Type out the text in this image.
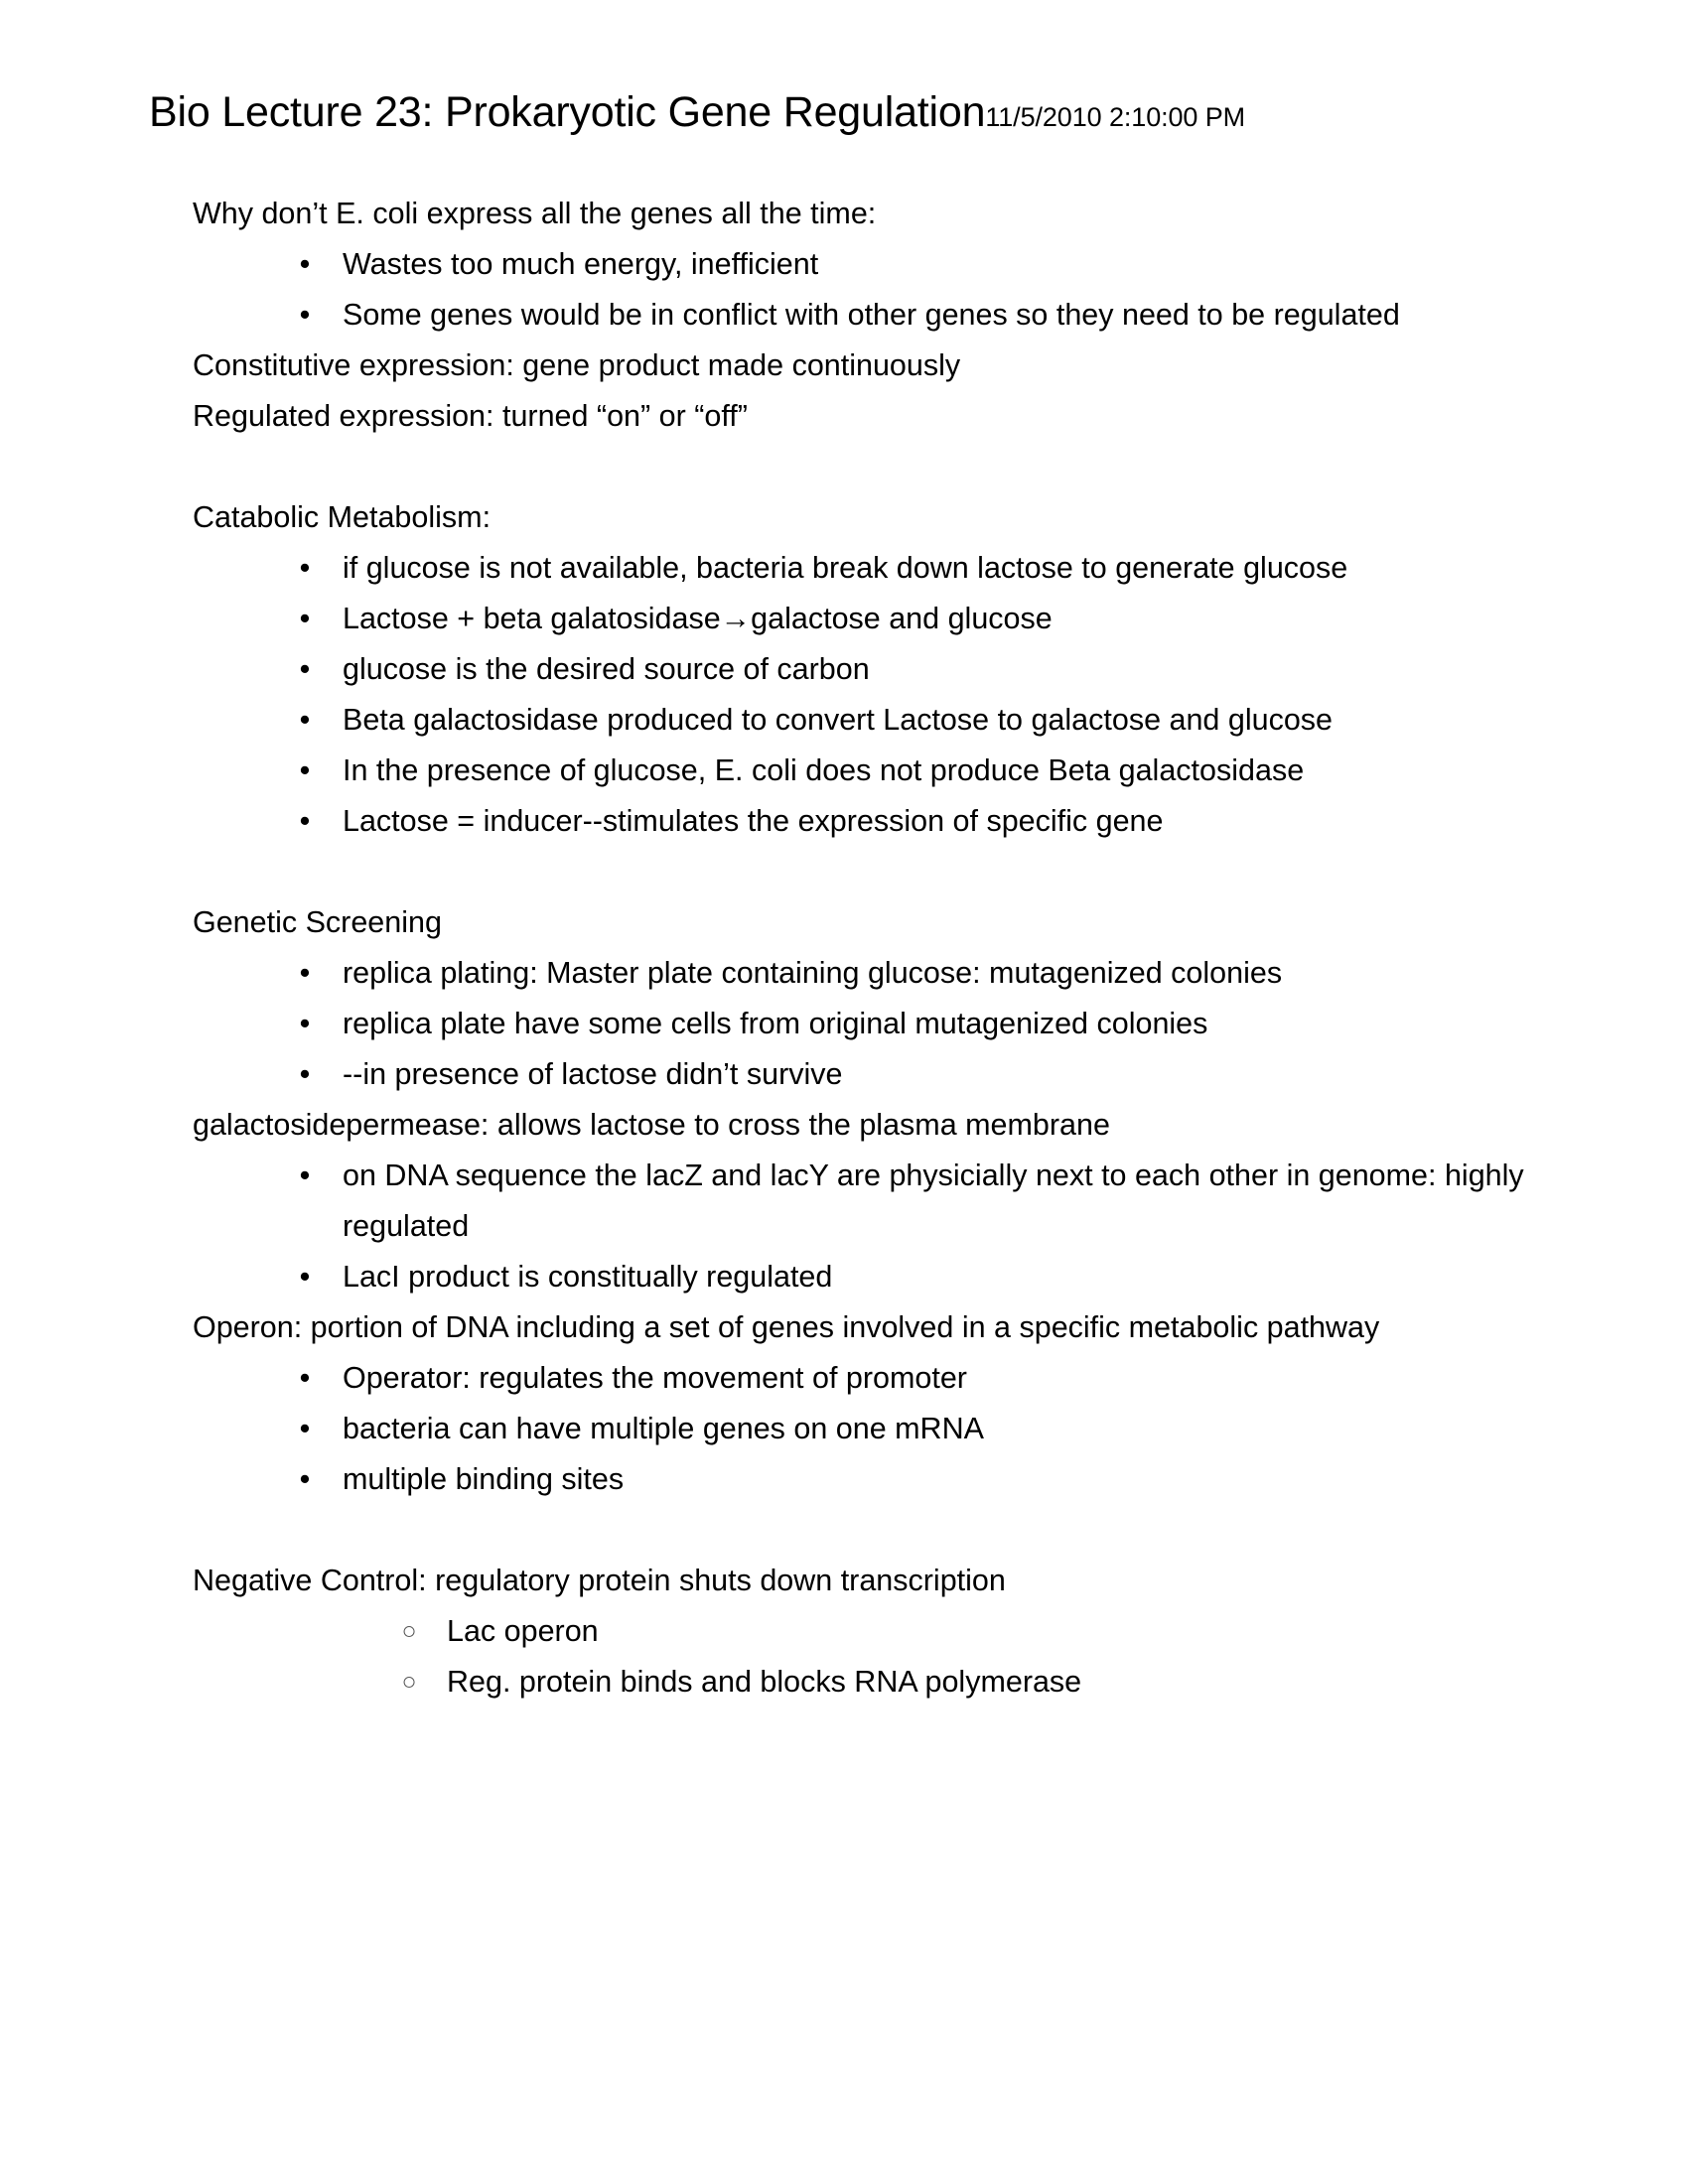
Bio Lecture 23: Prokaryotic Gene Regulation 11/5/2010 2:10:00 PM
Why don’t E. coli express all the genes all the time:
• Wastes too much energy, inefficient
• Some genes would be in conflict with other genes so they need to be regulated
Constitutive expression: gene product made continuously
Regulated expression: turned “on” or “off”
Catabolic Metabolism:
• if glucose is not available, bacteria break down lactose to generate glucose
• Lactose + beta galatosidase→galactose and glucose
• glucose is the desired source of carbon
• Beta galactosidase produced to convert Lactose to galactose and glucose
• In the presence of glucose, E. coli does not produce Beta galactosidase
• Lactose = inducer--stimulates the expression of specific gene
Genetic Screening
• replica plating: Master plate containing glucose: mutagenized colonies
• replica plate have some cells from original mutagenized colonies
• --in presence of lactose didn’t survive
galactosidepermease: allows lactose to cross the plasma membrane
• on DNA sequence the lacZ and lacY are physicially next to each other in genome: highly regulated
• LacI product is constitually regulated
Operon: portion of DNA including a set of genes involved in a specific metabolic pathway
• Operator: regulates the movement of promoter
• bacteria can have multiple genes on one mRNA
• multiple binding sites
Negative Control: regulatory protein shuts down transcription
○ Lac operon
○ Reg. protein binds and blocks RNA polymerase
